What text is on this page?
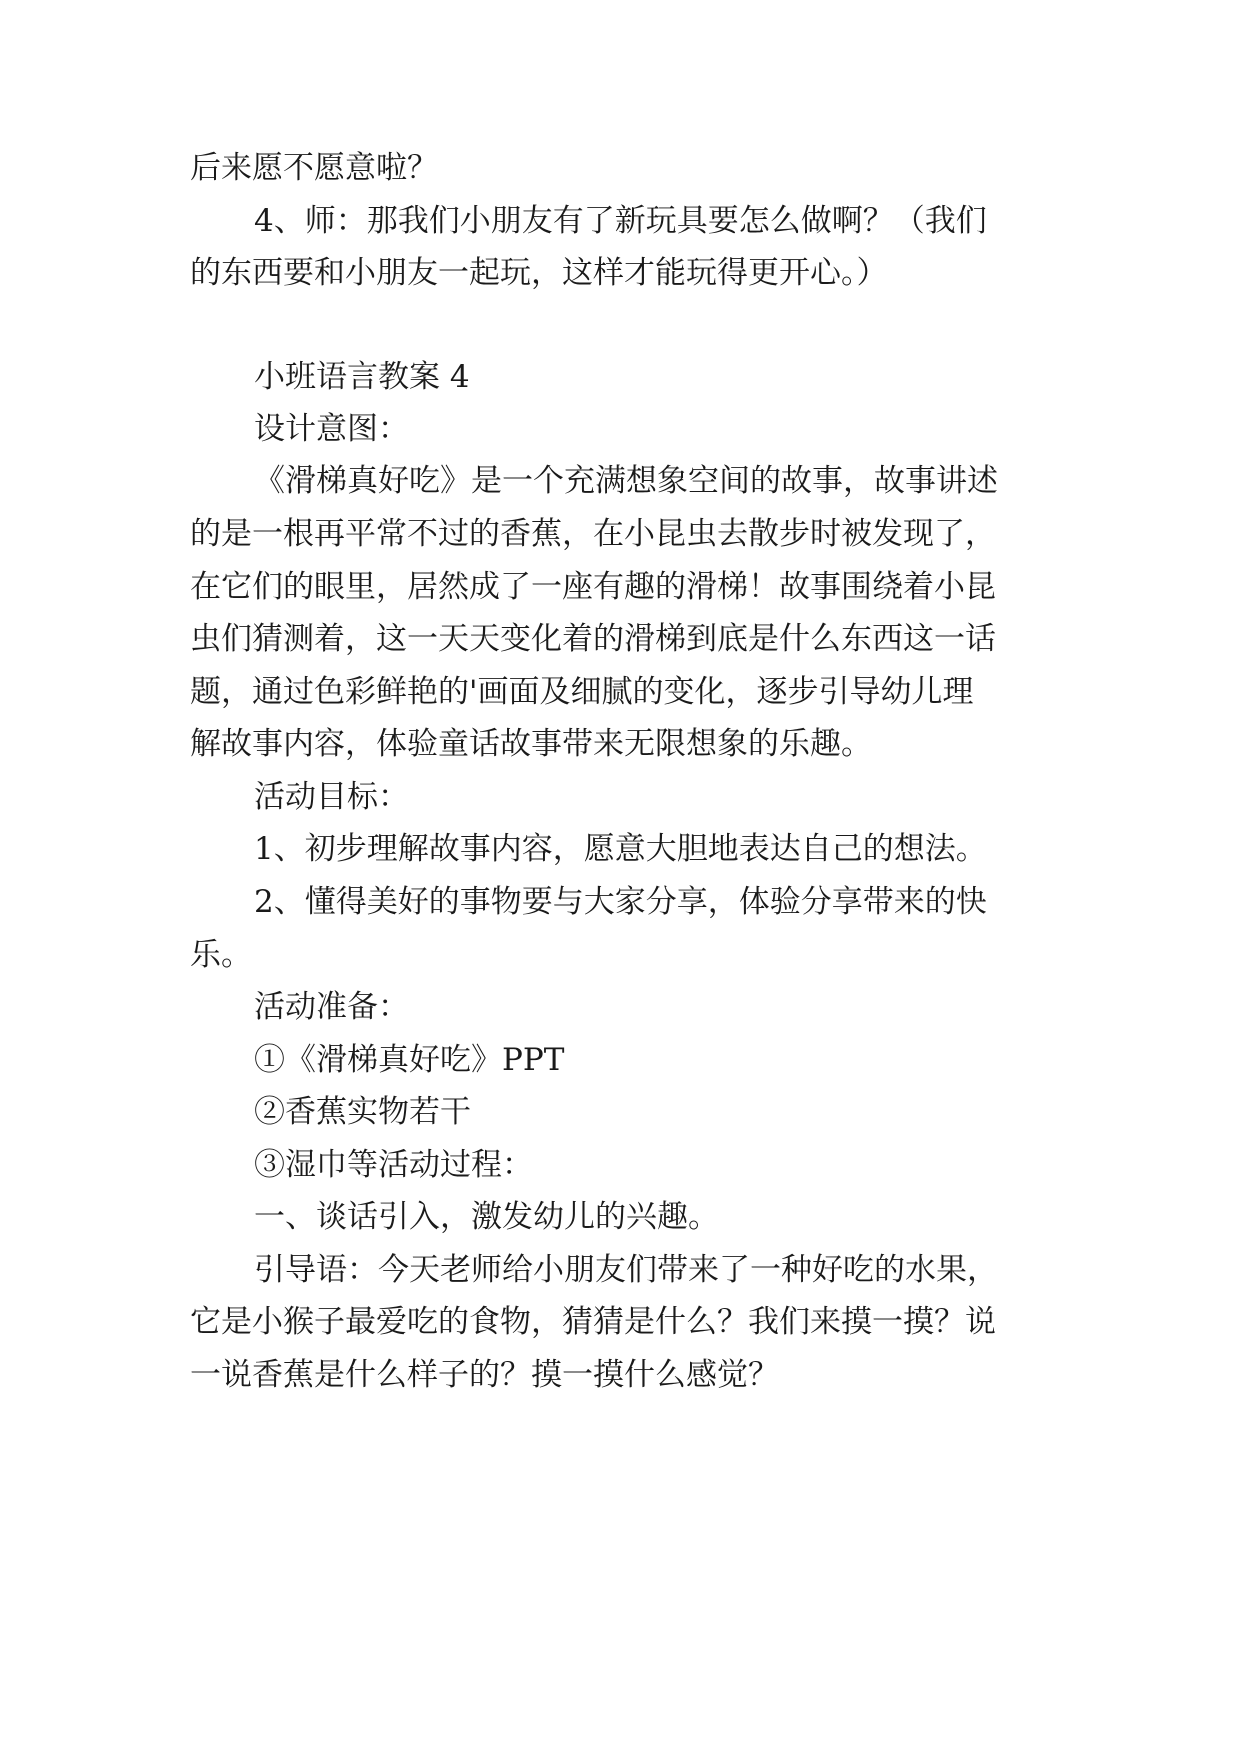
后来愿不愿意啦？

4、师：那我们小朋友有了新玩具要怎么做啊？（我们

的东西要和小朋友一起玩，这样才能玩得更开心。）

小班语言教案 4

设计意图：

《滑梯真好吃》是一个充满想象空间的故事，故事讲述

的是一根再平常不过的香蕉，在小昆虫去散步时被发现了，

在它们的眼里，居然成了一座有趣的滑梯！故事围绕着小昆

虫们猜测着，这一天天变化着的滑梯到底是什么东西这一话

题，通过色彩鲜艳的'画面及细腻的变化，逐步引导幼儿理

解故事内容，体验童话故事带来无限想象的乐趣。

活动目标：

1、初步理解故事内容，愿意大胆地表达自己的想法。

2、懂得美好的事物要与大家分享，体验分享带来的快

乐。

活动准备：

①《滑梯真好吃》PPT

②香蕉实物若干

③湿巾等活动过程：

一、谈话引入，激发幼儿的兴趣。

引导语：今天老师给小朋友们带来了一种好吃的水果，

它是小猴子最爱吃的食物，猜猜是什么？我们来摸一摸？说

一说香蕉是什么样子的？摸一摸什么感觉？
